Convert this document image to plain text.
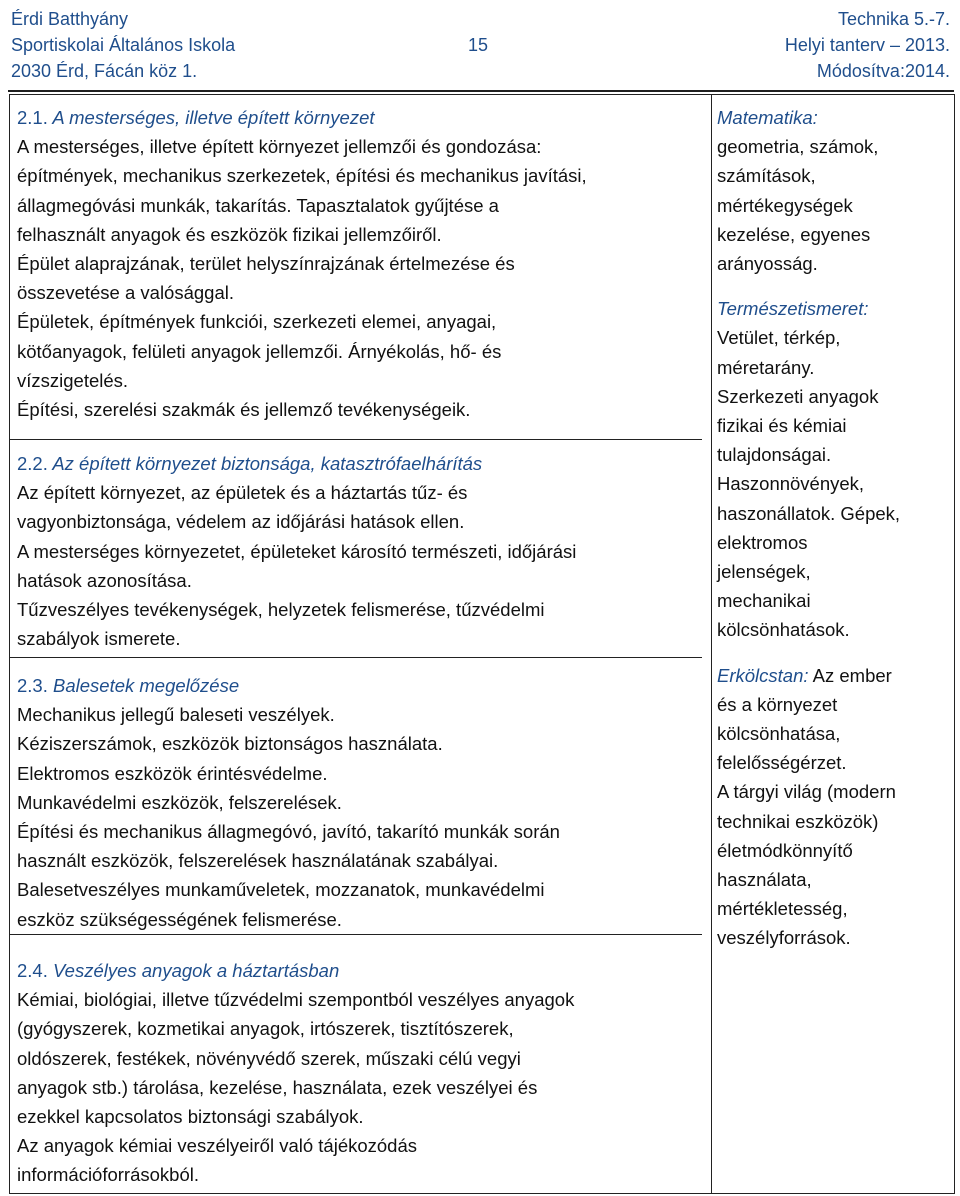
Érdi Batthyány
Sportiskolai Általános Iskola
2030 Érd, Fácán köz 1.
15
Technika 5.-7.
Helyi tanterv – 2013.
Módosítva:2014.
2.1. A mesterséges, illetve épített környezet
A mesterséges, illetve épített környezet jellemzői és gondozása:
építmények, mechanikus szerkezetek, építési és mechanikus javítási,
állagmegóvási munkák, takarítás. Tapasztalatok gyűjtése a
felhasznált anyagok és eszközök fizikai jellemzőiről.
Épület alaprajzának, terület helyszínrajzának értelmezése és
összevetése a valósággal.
Épületek, építmények funkciói, szerkezeti elemei, anyagai,
kötőanyagok, felületi anyagok jellemzői. Árnyékolás, hő- és
vízszigetelés.
Építési, szerelési szakmák és jellemző tevékenységeik.
2.2. Az épített környezet biztonsága, katasztrófaelhárítás
Az épített környezet, az épületek és a háztartás tűz- és
vagyonbiztonsága, védelem az időjárási hatások ellen.
A mesterséges környezetet, épületeket károsító természeti, időjárási
hatások azonosítása.
Tűzveszélyes tevékenységek, helyzetek felismerése, tűzvédelmi
szabályok ismerete.
2.3. Balesetek megelőzése
Mechanikus jellegű baleseti veszélyek.
Kéziszerszámok, eszközök biztonságos használata.
Elektromos eszközök érintésvédelme.
Munkavédelmi eszközök, felszerelések.
Építési és mechanikus állagmegóvó, javító, takarító munkák során
használt eszközök, felszerelések használatának szabályai.
Balesetveszélyes munkaműveletek, mozzanatok, munkavédelmi
eszköz szükségességének felismerése.
2.4. Veszélyes anyagok a háztartásban
Kémiai, biológiai, illetve tűzvédelmi szempontból veszélyes anyagok
(gyógyszerek, kozmetikai anyagok, irtószerek, tisztítószerek,
oldószerek, festékek, növényvédő szerek, műszaki célú vegyi
anyagok stb.) tárolása, kezelése, használata, ezek veszélyei és
ezekkel kapcsolatos biztonsági szabályok.
Az anyagok kémiai veszélyeiről való tájékozódás
információforrásokból.
Matematika:
geometria, számok,
számítások,
mértékegységek
kezelése, egyenes
arányosság.
Természetismeret:
Vetület, térkép,
méretarány.
Szerkezeti anyagok
fizikai és kémiai
tulajdonságai.
Haszonnövények,
haszonállatok. Gépek,
elektromos
jelenségek,
mechanikai
kölcsönhatások.
Erkölcstan: Az ember
és a környezet
kölcsönhatása,
felelősségérzet.
A tárgyi világ (modern
technikai eszközök)
életmódkönnyítő
használata,
mértékletesség,
veszélyforrások.
